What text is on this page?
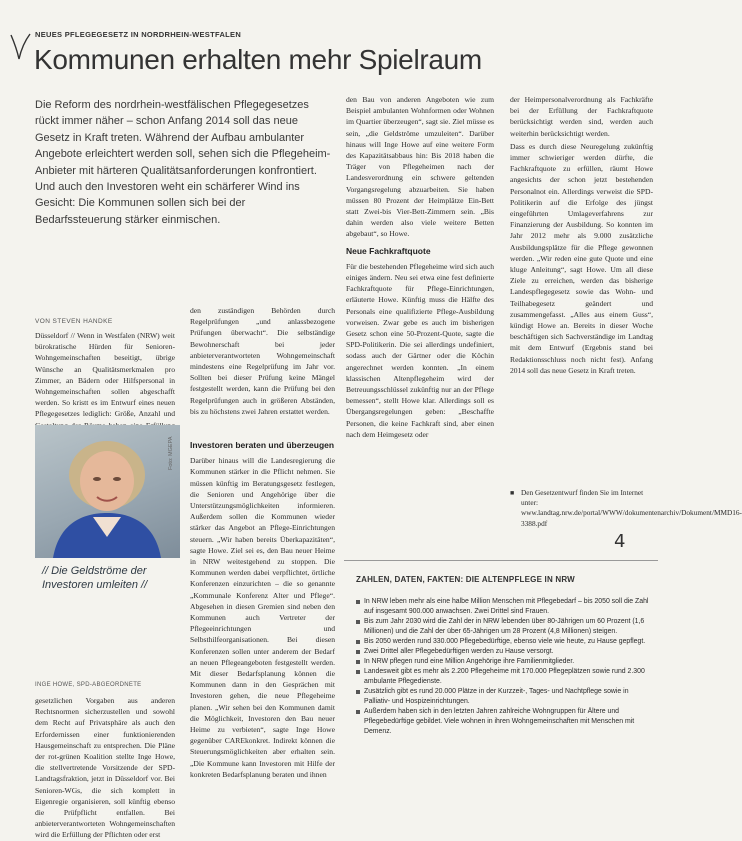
NEUES PFLEGEGESETZ IN NORDRHEIN-WESTFALEN
Kommunen erhalten mehr Spielraum

Die Reform des nordrhein-westfälischen Pflegegesetzes rückt immer näher – schon Anfang 2014 soll das neue Gesetz in Kraft treten. Während der Aufbau ambulanter Angebote erleichtert werden soll, sehen sich die Pflegeheim-Anbieter mit härteren Qualitätsanforderungen konfrontiert. Und auch den Investoren weht ein schärferer Wind ins Gesicht: Die Kommunen sollen sich bei der Bedarfssteuerung stärker einmischen.

VON STEVEN HANDKE

Düsseldorf // Wenn in Westfalen (NRW) weit bürokratische Hürden für Senioren-Wohngemeinschaften beseitigt, übrige Wünsche an Qualitätsmerkmalen pro Zimmer, an Bädern oder Hilfspersonal in Wohngemeinschaften sollen abgeschafft werden. So kristt es im Entwurf eines neuen Pflegegesetzes lediglich: Größe, Anzahl und

Foto: MGEPA

// Die Geldströme der Investoren umleiten //

INGE HOWE, SPD-ABGEORDNETE

gesetzlichen Vorgaben aus anderen Rechtsnormen sicherzustellen und sowohl dem Recht auf Privatsphäre als auch den Erfordernissen einer funktionierenden Hausgemeinschaft zu entsprechen. Die Pläne der rot-grünen Koalition stellte Inge Howe, die stellvertretende Vorsitzende der SPD-Landtagsfraktion, jetzt in Düsseldorf vor. Bei Senioren-WGs, die sich komplett in Eigenregie organisieren, soll künftig ebenso die Prüfpflicht entfallen. Bei anbieterverantworteten Wohngemeinschaften wird die Erfüllung der Pflichten oder erst

den zuständigen Behörden durch Regelprüfungen „und anlassbezogene Prüfungen überwacht“. Die selbständige Bewohnerschaft bei jeder anbieterverantworteten Wohngemeinschaft mindestens eine Regelprüfung im Jahr vor. Sollten bei dieser Prüfung keine Mängel festgestellt werden, kann die Prüfung bei den Regelprüfungen auch in größeren Abständen, bis zu höchstens zwei Jahren erstattet werden.

Investoren beraten und überzeugen

Darüber hinaus will die Landesregierung die Kommunen stärker in die Pflicht nehmen. Sie müssen künftig im Beratungsgesetz festlegen, die Senioren und Angehörige über die Unterstützungsmöglichkeiten informieren. Außerdem sollen die Kommunen wieder stärker das Angebot an Pflege-Einrichtungen steuern. „Wir haben bereits Überkapazitäten“, sagte Howe. Ziel sei es, den Bau neuer Heime in NRW weitestgehend zu stoppen. Die Kommunen werden dabei verpflichtet, örtliche Konferenzen einzurichten – die so genannte „Kommunale Konferenz Alter und Pflege“. Abgesehen in diesen Gremien sind neben den Kommunen auch Vertreter der Pflegeeinrichtungen und Selbsthilfeorganisationen. Bei diesen Konferenzen sollen unter anderem der Bedarf an neuen Pflegeangeboten festgestellt werden. Mit dieser Bedarfsplanung können die Kommunen dann in den Gesprächen mit Investoren gehen, die neue Pflegeheime planen. „Wir sehen bei den Kommunen damit die Möglichkeit, Investoren den Bau neuer Heime zu verbieten“, sagte Inge Howe gegenüber CAREkonkret. Indirekt können die Steuerungsmöglichkeiten aber erhalten sein. „Die Kommune kann Investoren mit Hilfe der konkreten Bedarfsplanung beraten und ihnen

den Bau von anderen Angeboten wie zum Beispiel ambulanten Wohnformen oder Wohnen im Quartier überzeugen“, sagt sie. Ziel müsse es sein, „die Geldströme umzuleiten“. Darüber hinaus will Inge Howe auf eine weitere Form des Kapazitätsabbaus hin: Bis 2018 haben die Träger von Pflegeheimen nach der Landesverordnung ein schwere geltenden Vorgangsregelung abzuarbeiten. Sie haben müssen 80 Prozent der Heimplätze Ein-Bett statt Zwei-bis Vier-Bett-Zimmern sein. „Bis dahin werden also viele weitere Betten abgebaut“, so Howe.

Neue Fachkraftquote

Für die bestehenden Pflegeheime wird sich auch einiges ändern. Neu sei etwa eine fest definierte Fachkraftquote für Pflege-Einrichtungen, erläuterte Howe. Künftig muss die Hälfte des Personals eine qualifizierte Pflege-Ausbildung vorweisen. Zwar gebe es auch im bisherigen Gesetz schon eine 50-Prozent-Quote, sagte die SPD-Politikerin. Die sei allerdings undefiniert, sodass auch der Gärtner oder die Köchin angerechnet werden konnten. „In einem klassischen Altenpflegeheim wird der Betreuungsschlüssel zukünftig nur an der Pflege bemessen“, stellt Howe klar. Allerdings soll es Übergangsregelungen geben: „Beschaffte Personen, die keine Fachkraft sind, aber einen nach dem Heimgesetz oder

der Heimpersonalverordnung als Fachkräfte bei der Erfüllung der Fachkraftquote berücksichtigt werden sind, werden auch weiterhin berücksichtigt werden.

Dass es durch diese Neuregelung zukünftig immer schwieriger werden dürfte, die Fachkraftquote zu erfüllen, räumt Howe angesichts der schon jetzt bestehenden Personalnot ein. Allerdings verweist die SPD-Politikerin auf die Erfolge des jüngst eingeführten Umlageverfahrens zur Finanzierung der Ausbildung. So konnten im Jahr 2012 mehr als 9.000 zusätzliche Ausbildungsplätze für die Pflege gewonnen werden. „Wir reden eine gute Quote und eine kluge Anleitung“, sagt Howe. Um all diese Ziele zu erreichen, werden das bisherige Landespflegegesetz sowie das Wohn- und Teilhabegesetz geändert und zusammengefasst. „Alles aus einem Guss“, kündigt Howe an. Bereits in dieser Woche beschäftigen sich Sachverständige im Landtag mit dem Entwurf (Ergebnis stand bei Redaktionsschluss noch nicht fest). Anfang 2014 soll das neue Gesetz in Kraft treten.

■ Den Gesetzentwurf finden Sie im Internet unter: www.landtag.nrw.de/portal/WWW/dokumentenarchiv/Dokument/MMD16-3388.pdf

4
ZAHLEN, DATEN, FAKTEN: DIE ALTENPFLEGE IN NRW
In NRW leben mehr als eine halbe Million Menschen mit Pflegebedarf – bis 2050 soll die Zahl auf insgesamt 900.000 anwachsen. Zwei Drittel sind Frauen.
Bis zum Jahr 2030 wird die Zahl der in NRW lebenden über 80-Jährigen um 60 Prozent (1,6 Millionen) und die Zahl der über 65-Jährigen um 28 Prozent (4,8 Millionen) steigen.
Bis 2050 werden rund 330.000 Pflegebedürftige, ebenso viele wie heute, zu Hause gepflegt.
Zwei Drittel aller Pflegebedürftigen werden zu Hause versorgt.
In NRW pflegen rund eine Million Angehörige ihre Familienmitglieder.
Landesweit gibt es mehr als 2.200 Pflegeheime mit 170.000 Pflegeplätzen sowie rund 2.300 ambulante Pflegedienste.
Zusätzlich gibt es rund 20.000 Plätze in der Kurzzeit-, Tages- und Nachtpflege sowie in Palliativ- und Hospizeinrichtungen.
Außerdem haben sich in den letzten Jahren zahlreiche Wohngruppen für Ältere und Pflegebedürftige gebildet. Viele wohnen in ihren Wohngemeinschaften mit Menschen mit Demenz.
